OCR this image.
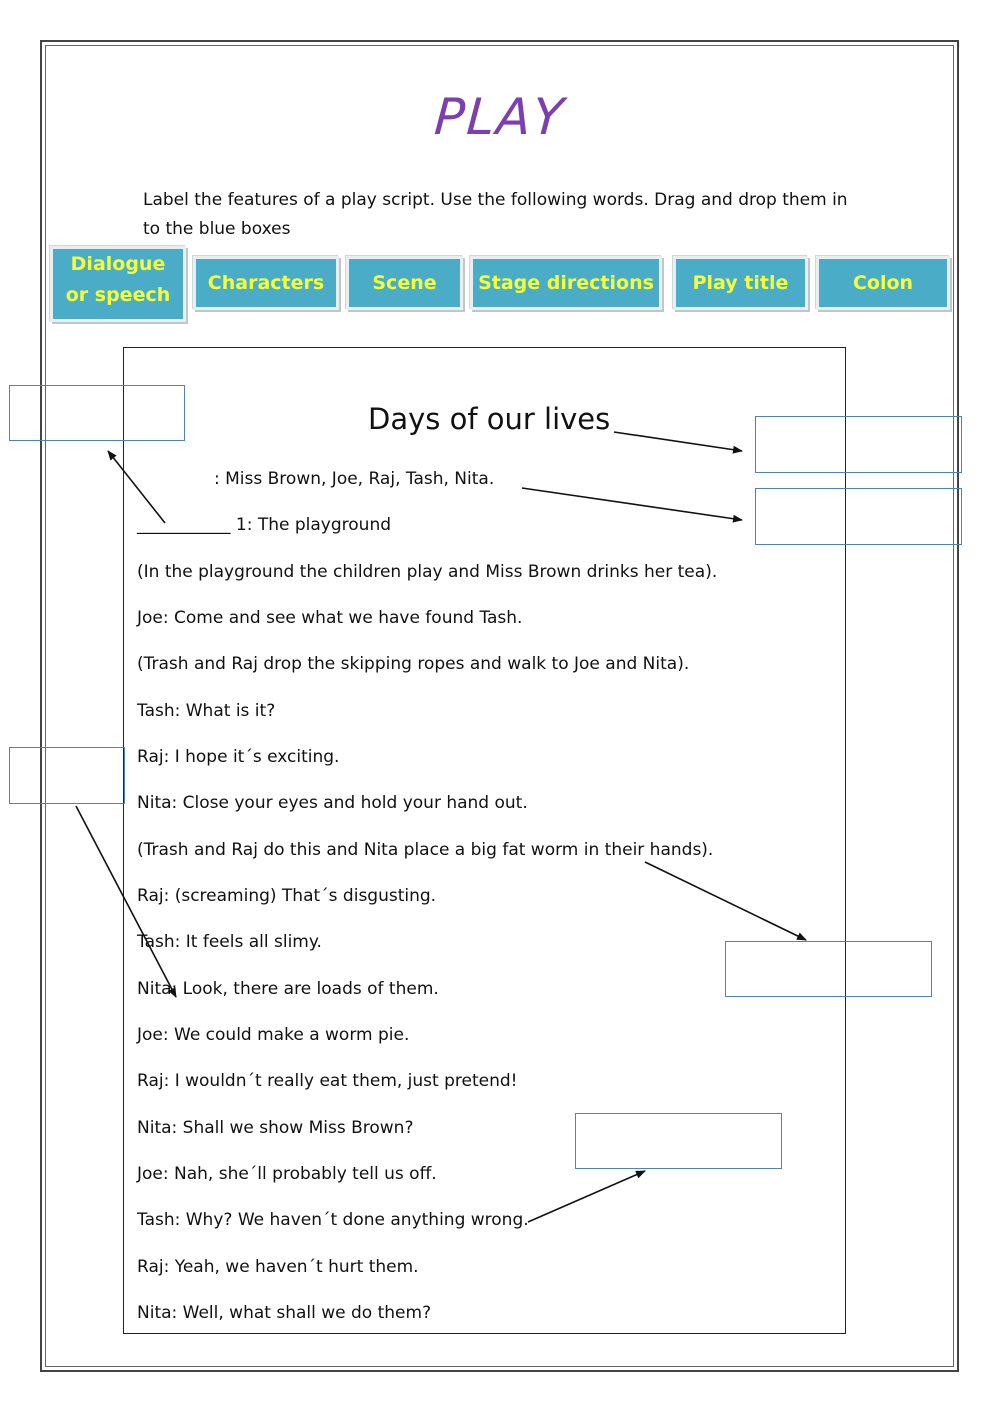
PLAY
Label the features of a play script. Use the following words. Drag and drop them in to the blue boxes
Dialogue or speech
Characters	Scene	Stage directions	Play title	Colon
Days of our lives
: Miss Brown, Joe, Raj, Tash, Nita.
___________ 1: The playground
(In the playground the children play and Miss Brown drinks her tea).
Joe: Come and see what we have found Tash.
(Trash and Raj drop the skipping ropes and walk to Joe and Nita).
Tash: What is it?
Raj: I hope it´s exciting.
Nita: Close your eyes and hold your hand out.
(Trash and Raj do this and Nita place a big fat worm in their hands).
Raj: (screaming) That´s disgusting.
Tash: It feels all slimy.
Nita: Look, there are loads of them.
Joe: We could make a worm pie.
Raj: I wouldn´t really eat them, just pretend!
Nita: Shall we show Miss Brown?
Joe: Nah, she´ll probably tell us off.
Tash: Why? We haven´t done anything wrong.
Raj: Yeah, we haven´t hurt them.
Nita: Well, what shall we do them?
